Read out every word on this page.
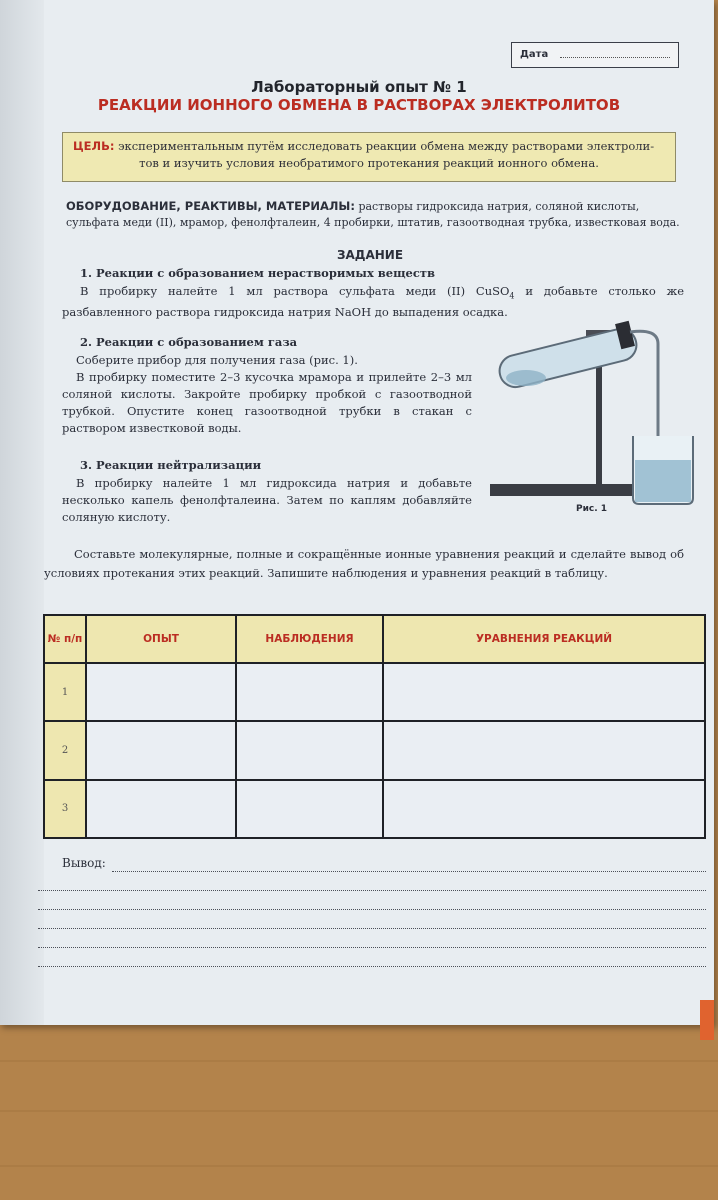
Дата
Лабораторный опыт № 1
РЕАКЦИИ ИОННОГО ОБМЕНА В РАСТВОРАХ ЭЛЕКТРОЛИТОВ
ЦЕЛЬ: экспериментальным путём исследовать реакции обмена между растворами электроли-
тов и изучить условия необратимого протекания реакций ионного обмена.
ОБОРУДОВАНИЕ, РЕАКТИВЫ, МАТЕРИАЛЫ: растворы гидроксида натрия, соляной кислоты, сульфата меди (II), мрамор, фенолфталеин, 4 пробирки, штатив, газоотводная трубка, известковая вода.
ЗАДАНИЕ
1. Реакции с образованием нерастворимых веществ
В пробирку налейте 1 мл раствора сульфата меди (II) CuSO$_4$ и добавьте столько же разбавленного раствора гидроксида натрия NaOH до выпадения осадка.
2. Реакции с образованием газа
Соберите прибор для получения газа (рис. 1).
В пробирку поместите 2–3 кусочка мрамора и прилейте 2–3 мл соляной кислоты. Закройте пробирку пробкой с газоотводной трубкой. Опустите конец газоотводной трубки в стакан с раствором известковой воды.
3. Реакции нейтрализации
В пробирку налейте 1 мл гидроксида натрия и добавьте несколько капель фенолфталеина. Затем по каплям добавляйте соляную кислоту.
Рис. 1
Составьте молекулярные, полные и сокращённые ионные уравнения реакций и сделайте вывод об условиях протекания этих реакций. Запишите наблюдения и уравнения реакций в таблицу.
№ п/п	ОПЫТ	НАБЛЮДЕНИЯ	УРАВНЕНИЯ РЕАКЦИЙ
1			
2			
3			
Вывод:
